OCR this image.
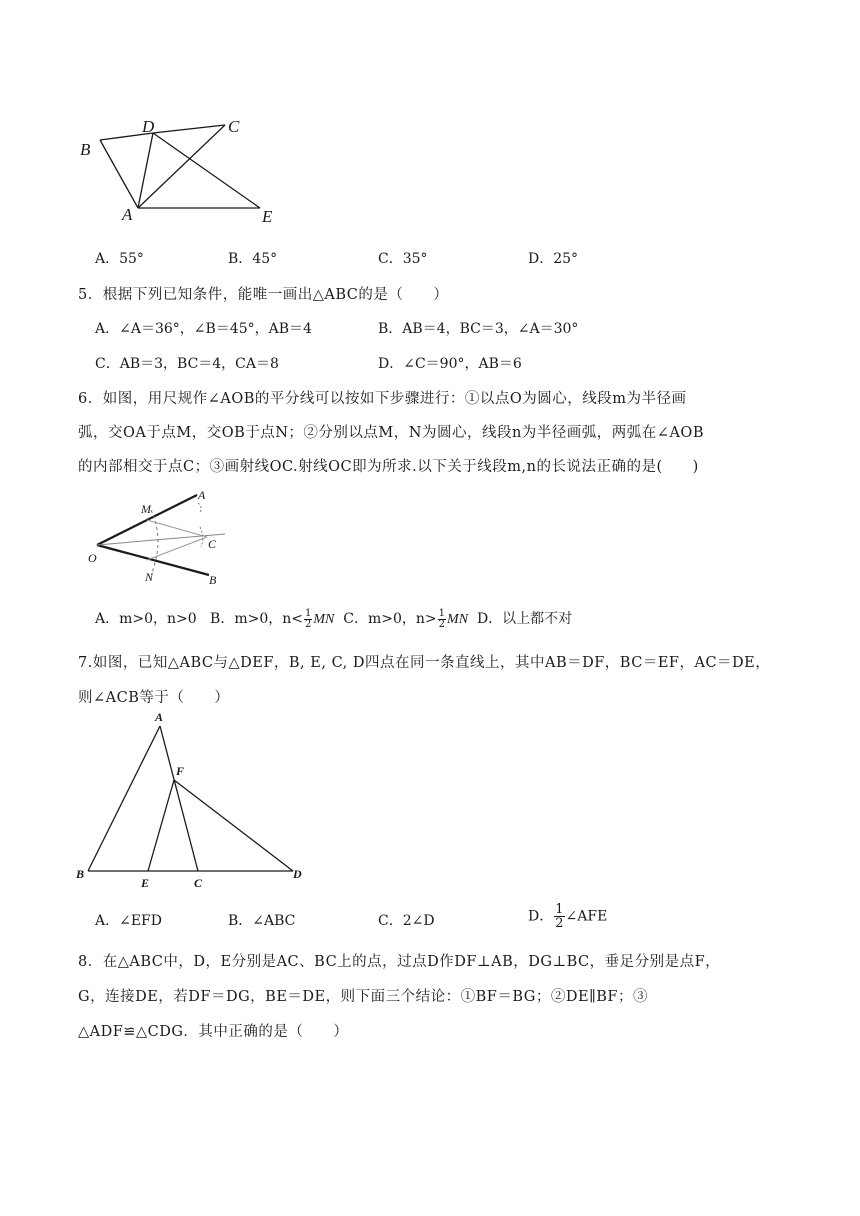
B
D	C
A	E
A．55°	B．45°	C．35°	D．25°
5．根据下列已知条件，能唯一画出△ABC的是（　　）
A．∠A＝36°，∠B＝45°，AB＝4	B．AB＝4，BC＝3，∠A＝30°
C．AB＝3，BC＝4，CA＝8	D．∠C＝90°，AB＝6
6．如图，用尺规作∠AOB的平分线可以按如下步骤进行：①以点O为圆心，线段m为半径画
弧，交OA于点M，交OB于点N；②分别以点M，N为圆心，线段n为半径画弧，两弧在∠AOB
的内部相交于点C；③画射线OC.射线OC即为所求.以下关于线段m,n的长说法正确的是(　　)
A
M
C
O
N	B
A．m>0，n>0 B．m>0，$n< \frac{1}{2}$ MN C．m>0，$n> \frac{1}{2}$ MN D．以上都不对
7.如图，已知△ABC与△DEF，B, E, C, D四点在同一条直线上，其中AB＝DF，BC＝EF，AC＝DE，
则∠ACB等于（　　）
A
F
B
E	C
D
A．∠EFD	B．∠ABC	C．2∠D	D． $\frac{1}{2}$ ∠AFE
8．在△ABC中，D，E分别是AC、BC上的点，过点D作DF⊥AB，DG⊥BC，垂足分别是点F，
G，连接DE，若DF＝DG，BE＝DE，则下面三个结论：①BF＝BG；②DE∥BF；③
△ADF≌△CDG．其中正确的是（　　）
